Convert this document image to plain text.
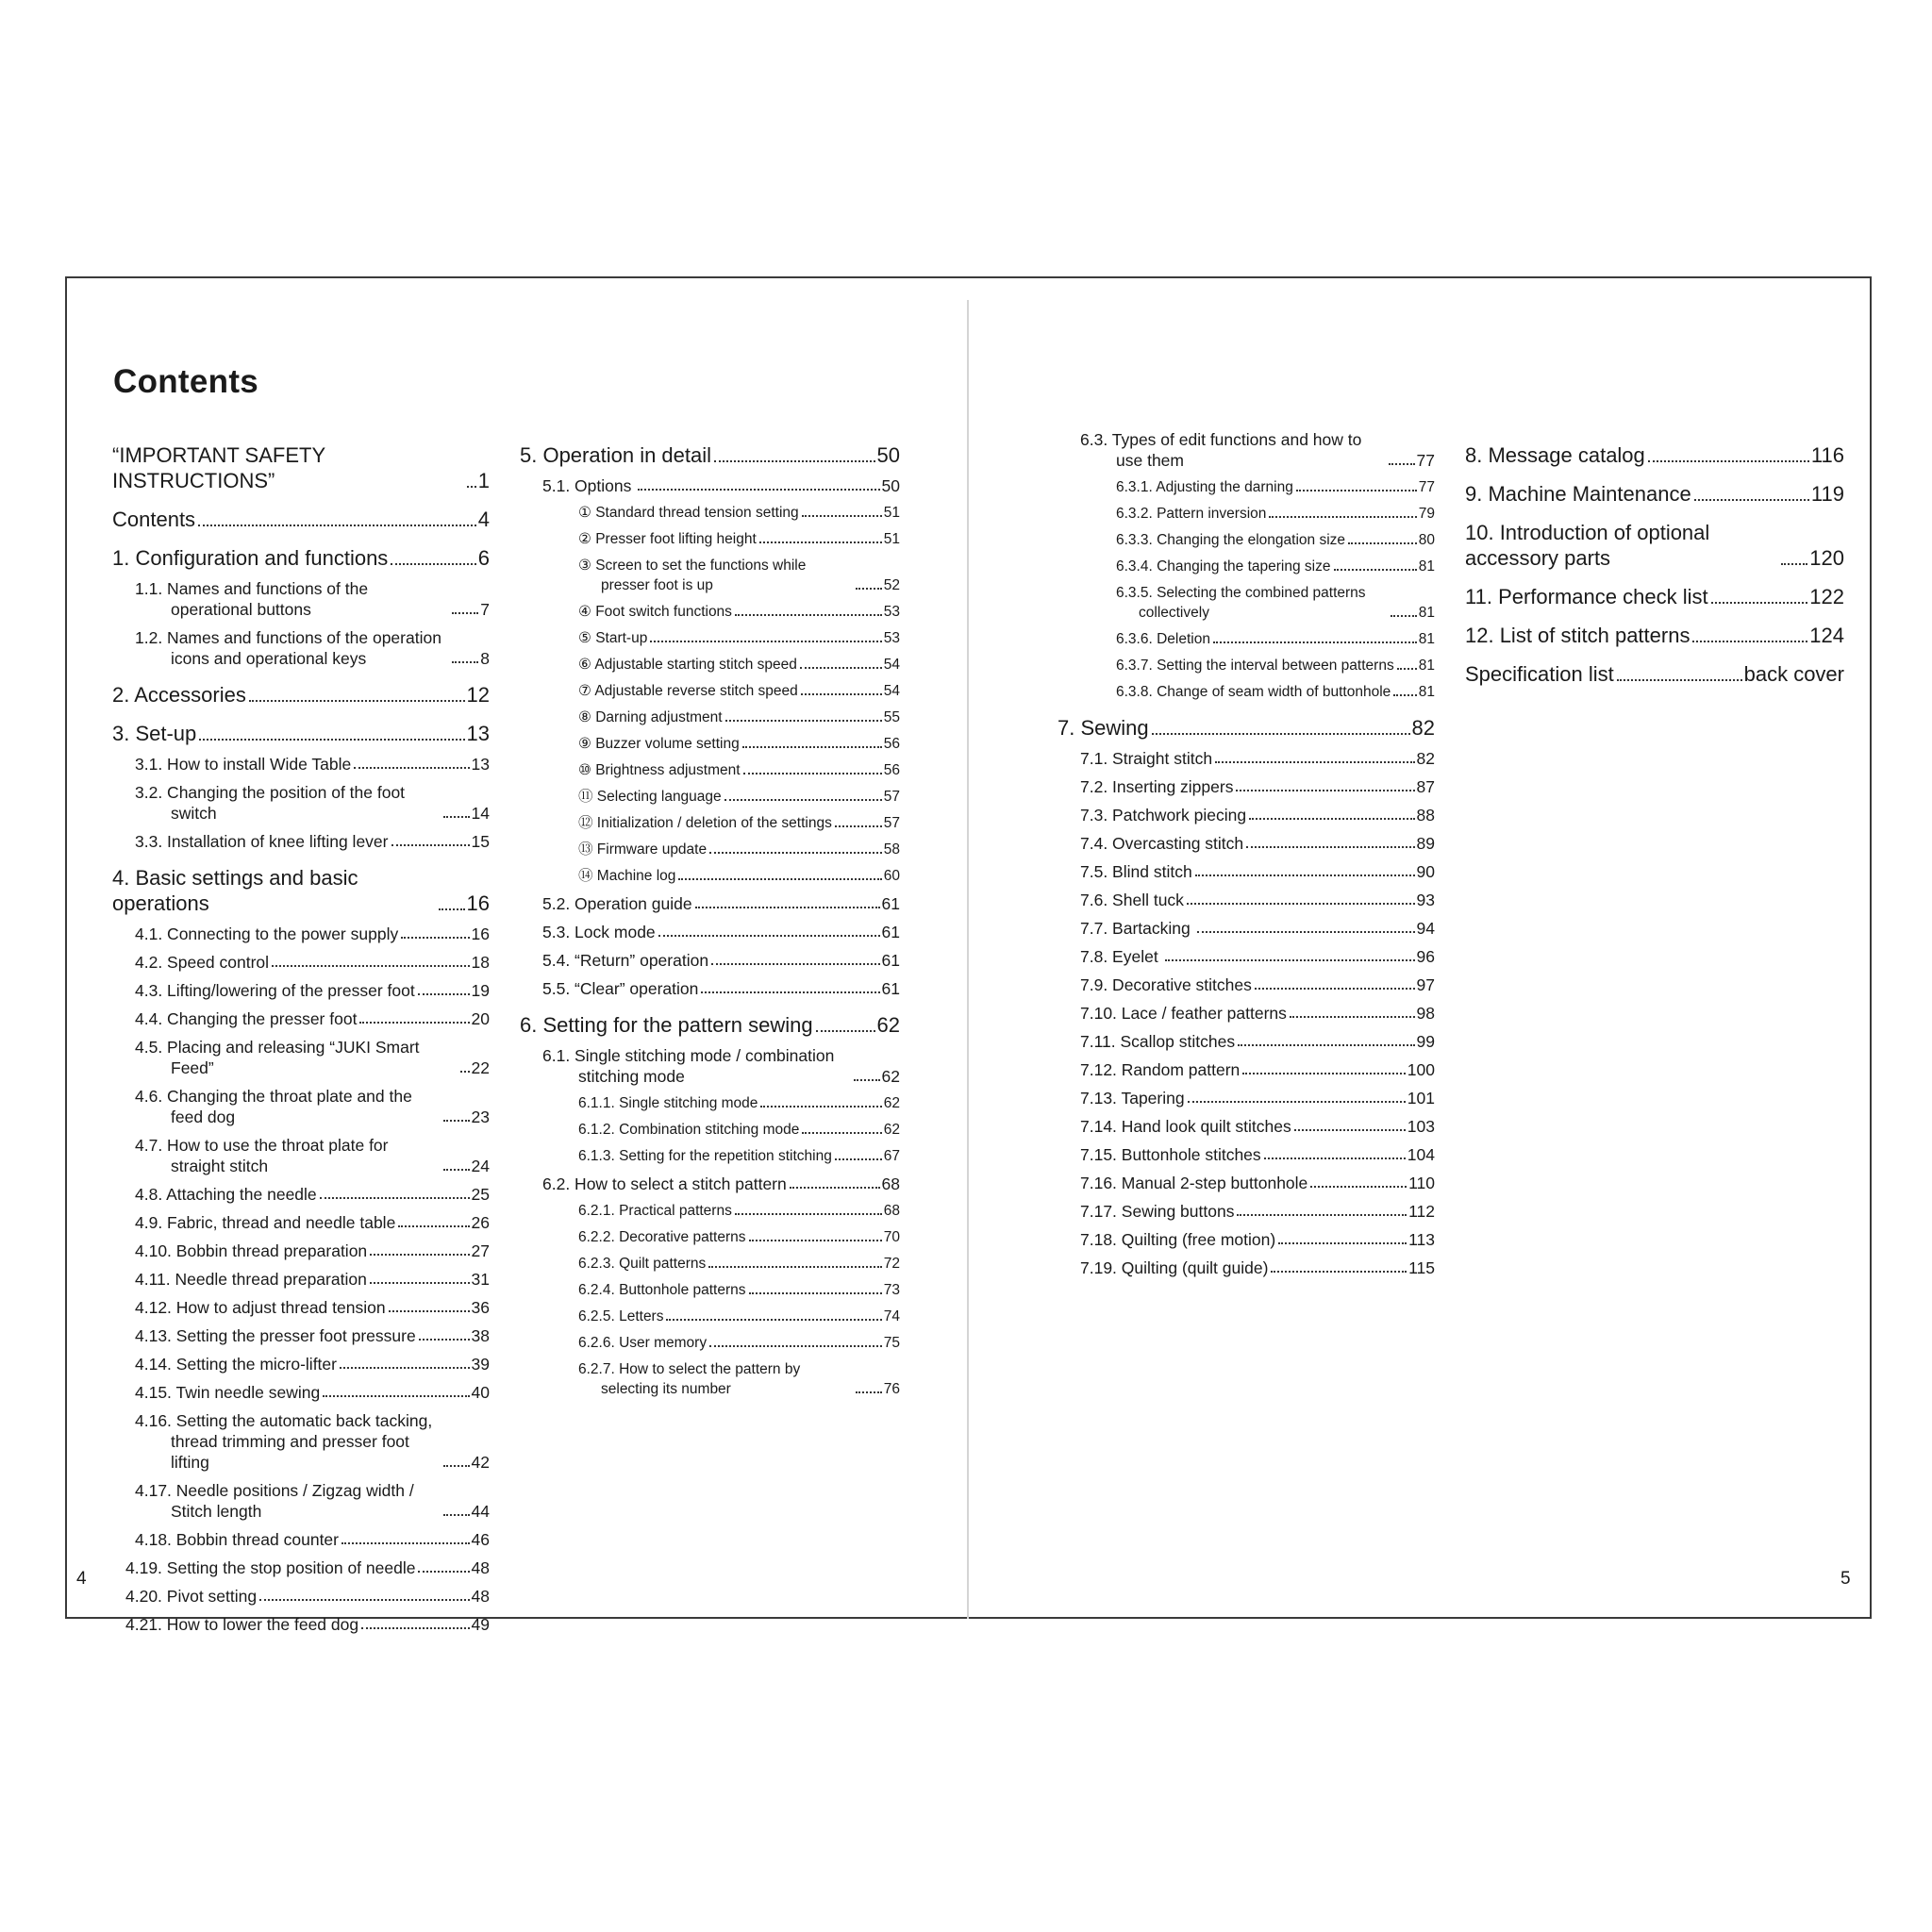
Contents
“IMPORTANT SAFETY INSTRUCTIONS”	1
Contents	4
1. Configuration and functions	6
1.1. Names and functions of the operational buttons	7
1.2. Names and functions of the operation icons and operational keys	8
2. Accessories	12
3. Set-up	13
3.1. How to install Wide Table	13
3.2. Changing the position of the foot switch	14
3.3. Installation of knee lifting lever	15
4. Basic settings and basic operations	16
4.1. Connecting to the power supply	16
4.2. Speed control	18
4.3. Lifting/lowering of the presser foot	19
4.4. Changing the presser foot	20
4.5. Placing and releasing “JUKI Smart Feed”	22
4.6. Changing the throat plate and the feed dog	23
4.7. How to use the throat plate for straight stitch	24
4.8. Attaching the needle	25
4.9. Fabric, thread and needle table	26
4.10. Bobbin thread preparation	27
4.11. Needle thread preparation	31
4.12. How to adjust thread tension	36
4.13. Setting the presser foot pressure	38
4.14. Setting the micro-lifter	39
4.15. Twin needle sewing	40
4.16. Setting the automatic back tacking, thread trimming and presser foot lifting	42
4.17. Needle positions / Zigzag width / Stitch length	44
4.18. Bobbin thread counter	46
4.19. Setting the stop position of needle	48
4.20. Pivot setting	48
4.21. How to lower the feed dog	49
5. Operation in detail	50
5.1. Options	50
① Standard thread tension setting	51
② Presser foot lifting height	51
③ Screen to set the functions while presser foot is up	52
④ Foot switch functions	53
⑤ Start-up	53
⑥ Adjustable starting stitch speed	54
⑦ Adjustable reverse stitch speed	54
⑧ Darning adjustment	55
⑨ Buzzer volume setting	56
⑩ Brightness adjustment	56
⑪ Selecting language	57
⑫ Initialization / deletion of the settings	57
⑬ Firmware update	58
⑭ Machine log	60
5.2. Operation guide	61
5.3. Lock mode	61
5.4. “Return” operation	61
5.5. “Clear” operation	61
6. Setting for the pattern sewing	62
6.1. Single stitching mode / combination stitching mode	62
6.1.1. Single stitching mode	62
6.1.2. Combination stitching mode	62
6.1.3. Setting for the repetition stitching	67
6.2. How to select a stitch pattern	68
6.2.1. Practical patterns	68
6.2.2. Decorative patterns	70
6.2.3. Quilt patterns	72
6.2.4. Buttonhole patterns	73
6.2.5. Letters	74
6.2.6. User memory	75
6.2.7. How to select the pattern by selecting its number	76
6.3. Types of edit functions and how to use them	77
6.3.1. Adjusting the darning	77
6.3.2. Pattern inversion	79
6.3.3. Changing the elongation size	80
6.3.4. Changing the tapering size	81
6.3.5. Selecting the combined patterns collectively	81
6.3.6. Deletion	81
6.3.7. Setting the interval between patterns 81
6.3.8. Change of seam width of buttonhole 81
7. Sewing	82
7.1. Straight stitch	82
7.2. Inserting zippers	87
7.3. Patchwork piecing	88
7.4. Overcasting stitch	89
7.5. Blind stitch	90
7.6. Shell tuck	93
7.7. Bartacking	94
7.8. Eyelet	96
7.9. Decorative stitches	97
7.10. Lace / feather patterns	98
7.11. Scallop stitches	99
7.12. Random pattern	100
7.13. Tapering	101
7.14. Hand look quilt stitches	103
7.15. Buttonhole stitches	104
7.16. Manual 2-step buttonhole	110
7.17. Sewing buttons	112
7.18. Quilting (free motion)	113
7.19. Quilting (quilt guide)	115
8. Message catalog	116
9. Machine Maintenance	119
10. Introduction of optional accessory parts	120
11. Performance check list	122
12. List of stitch patterns	124
Specification list	back cover
4	5
